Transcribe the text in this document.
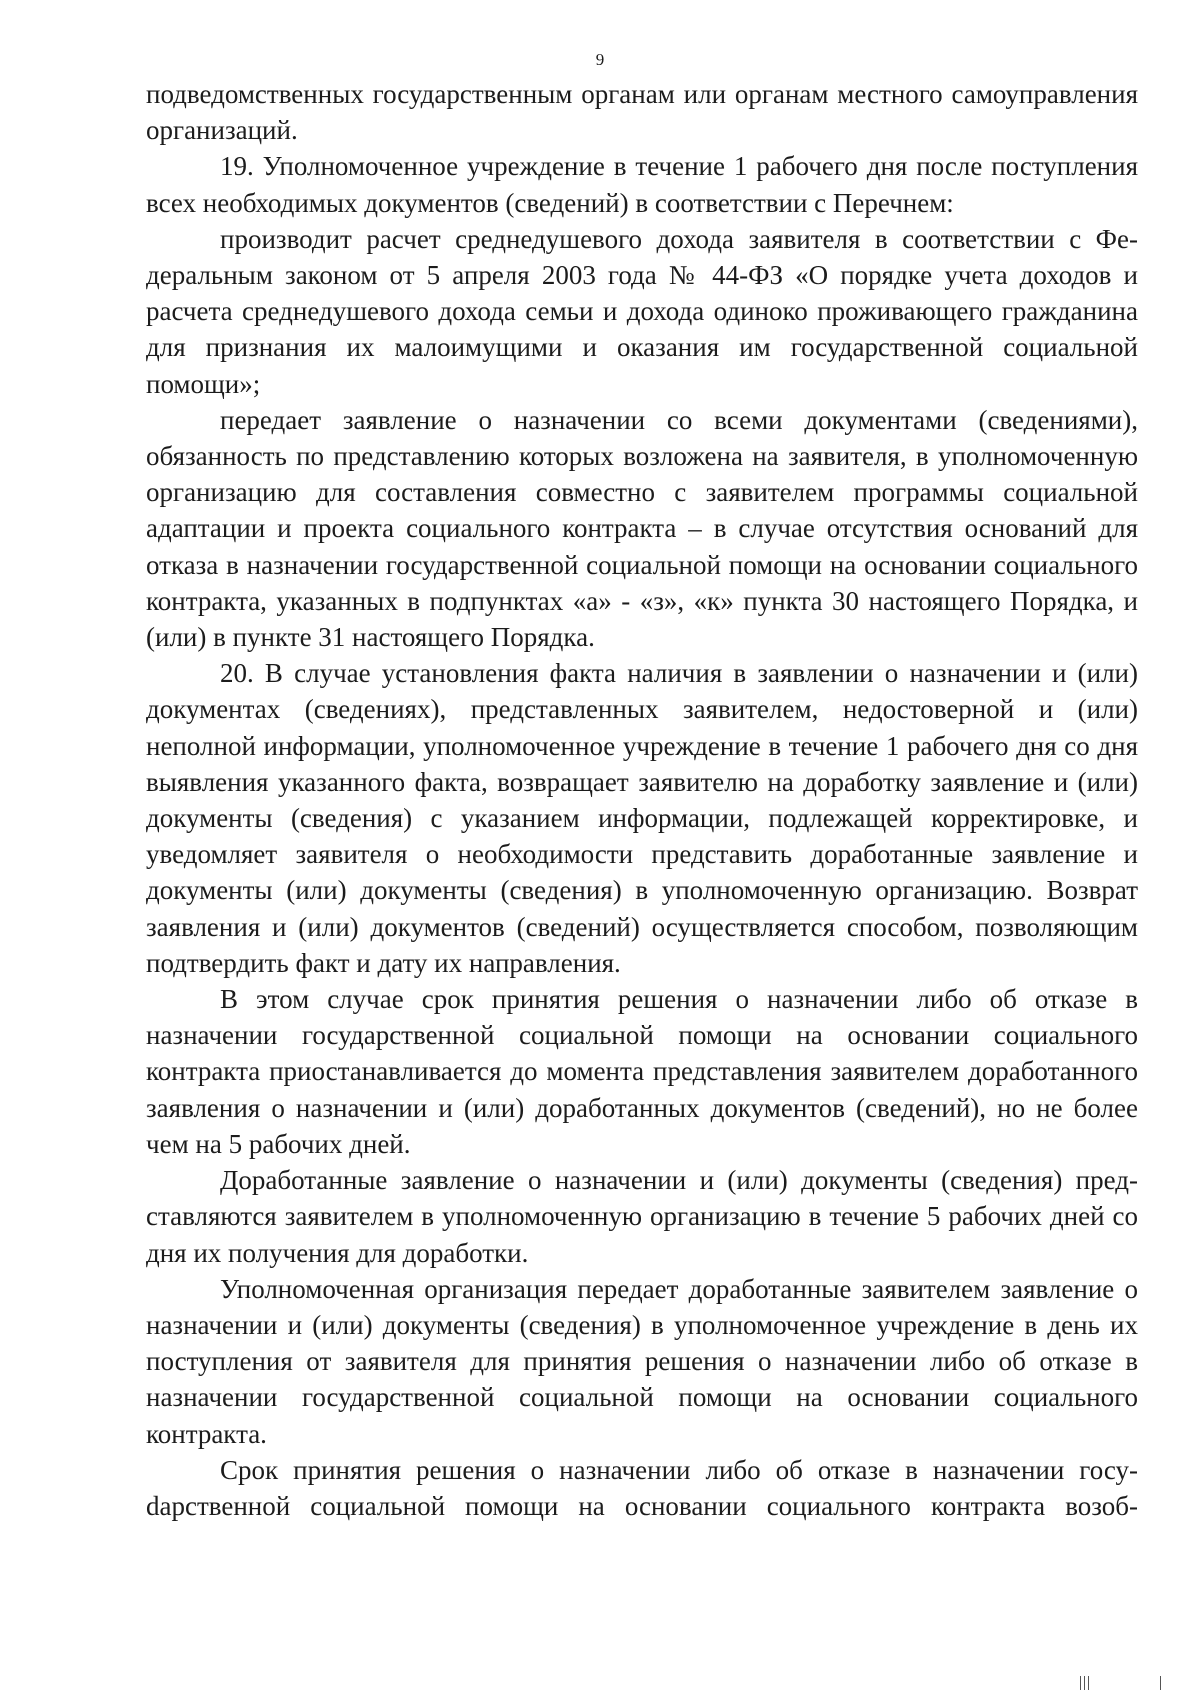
9

подведомственных государственным органам или органам местного самоуправления организаций.

19. Уполномоченное учреждение в течение 1 рабочего дня после поступления всех необходимых документов (сведений) в соответствии с Перечнем:

производит расчет среднедушевого дохода заявителя в соответствии с Федеральным законом от 5 апреля 2003 года № 44-ФЗ «О порядке учета доходов и расчета среднедушевого дохода семьи и дохода одиноко проживающего гражданина для признания их малоимущими и оказания им государственной социальной помощи»;

передает заявление о назначении со всеми документами (сведениями), обязанность по представлению которых возложена на заявителя, в уполномоченную организацию для составления совместно с заявителем программы социальной адаптации и проекта социального контракта – в случае отсутствия оснований для отказа в назначении государственной социальной помощи на основании социального контракта, указанных в подпунктах «а» - «з», «к» пункта 30 настоящего Порядка, и (или) в пункте 31 настоящего Порядка.

20. В случае установления факта наличия в заявлении о назначении и (или) документах (сведениях), представленных заявителем, недостоверной и (или) неполной информации, уполномоченное учреждение в течение 1 рабочего дня со дня выявления указанного факта, возвращает заявителю на доработку заявление и (или) документы (сведения) с указанием информации, подлежащей корректировке, и уведомляет заявителя о необходимости представить доработанные заявление и документы (или) документы (сведения) в уполномоченную организацию. Возврат заявления и (или) документов (сведений) осуществляется способом, позволяющим подтвердить факт и дату их направления.

В этом случае срок принятия решения о назначении либо об отказе в назначении государственной социальной помощи на основании социального контракта приостанавливается до момента представления заявителем доработанного заявления о назначении и (или) доработанных документов (сведений), но не более чем на 5 рабочих дней.

Доработанные заявление о назначении и (или) документы (сведения) представляются заявителем в уполномоченную организацию в течение 5 рабочих дней со дня их получения для доработки.

Уполномоченная организация передает доработанные заявителем заявление о назначении и (или) документы (сведения) в уполномоченное учреждение в день их поступления от заявителя для принятия решения о назначении либо об отказе в назначении государственной социальной помощи на основании социального контракта.

Срок принятия решения о назначении либо об отказе в назначении госуdарственной социальной помощи на основании социального контракта возоб-
